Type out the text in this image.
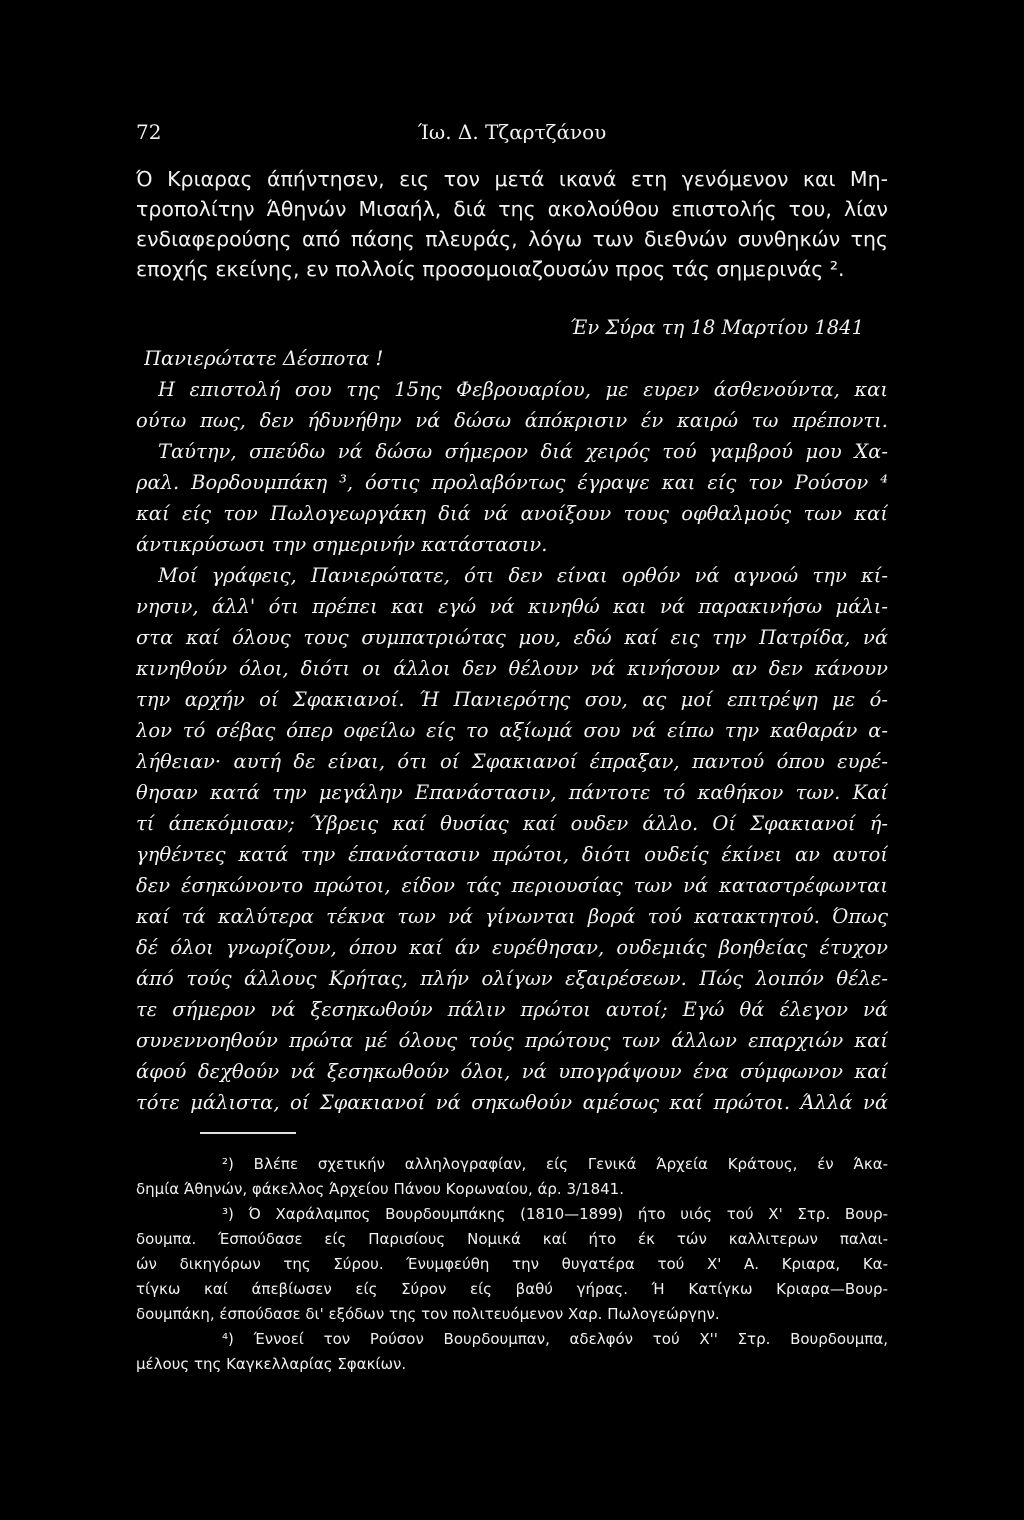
72	Ίω. Δ. Τζαρτζάνου
Ό Κριαρας άπήντησεν, εις τον μετά ικανά ετη γενόμενον και Μη-
τροπολίτην Άθηνών Μισαήλ, διά της ακολούθου επιστολής του, λίαν
ενδιαφερούσης από πάσης πλευράς, λόγω των διεθνών συνθηκών της
εποχής εκείνης, εν πολλοίς προσομοιαζουσών προς τάς σημερινάς ².
Έν Σύρα τη 18 Μαρτίου 1841
Πανιερώτατε Δέσποτα !
Η επιστολή σου της 15ης Φεβρουαρίου, με ευρεν άσθενούντα, και
ούτω πως, δεν ήδυνήθην νά δώσω άπόκρισιν έν καιρώ τω πρέποντι.
Ταύτην, σπεύδω νά δώσω σήμερον διά χειρός τού γαμβρού μου Χα-
ραλ. Βορδουμπάκη ³, όστις προλαβόντως έγραψε και είς τον Ρούσον ⁴
καί είς τον Πωλογεωργάκη διά νά ανοίξουν τους οφθαλμούς των καί
άντικρύσωσι την σημερινήν κατάστασιν.
Μοί γράφεις, Πανιερώτατε, ότι δεν είναι ορθόν νά αγνοώ την κί-
νησιν, άλλ' ότι πρέπει και εγώ νά κινηθώ και νά παρακινήσω μάλι-
στα καί όλους τους συμπατριώτας μου, εδώ καί εις την Πατρίδα, νά
κινηθούν όλοι, διότι οι άλλοι δεν θέλουν νά κινήσουν αν δεν κάνουν
την αρχήν οί Σφακιανοί. Ή Πανιερότης σου, ας μοί επιτρέψη με ό-
λον τό σέβας όπερ οφείλω είς το αξίωμά σου νά είπω την καθαράν α-
λήθειαν· αυτή δε είναι, ότι οί Σφακιανοί έπραξαν, παντού όπου ευρέ-
θησαν κατά την μεγάλην Επανάστασιν, πάντοτε τό καθήκον των. Καί
τί άπεκόμισαν; Ύβρεις καί θυσίας καί ουδεν άλλο. Οί Σφακιανοί ή-
γηθέντες κατά την έπανάστασιν πρώτοι, διότι ουδείς έκίνει αν αυτοί
δεν έσηκώνοντο πρώτοι, είδον τάς περιουσίας των νά καταστρέφωνται
καί τά καλύτερα τέκνα των νά γίνωνται βορά τού κατακτητού. Όπως
δέ όλοι γνωρίζουν, όπου καί άν ευρέθησαν, ουδεμιάς βοηθείας έτυχον
άπό τούς άλλους Κρήτας, πλήν ολίγων εξαιρέσεων. Πώς λοιπόν θέλε-
τε σήμερον νά ξεσηκωθούν πάλιν πρώτοι αυτοί; Εγώ θά έλεγον νά
συνεννοηθούν πρώτα μέ όλους τούς πρώτους των άλλων επαρχιών καί
άφού δεχθούν νά ξεσηκωθούν όλοι, νά υπογράψουν ένα σύμφωνον καί
τότε μάλιστα, οί Σφακιανοί νά σηκωθούν αμέσως καί πρώτοι. Άλλά νά
²) Βλέπε σχετικήν αλληλογραφίαν, είς Γενικά Άρχεία Κράτους, έν Άκα-
δημία Άθηνών, φάκελλος Άρχείου Πάνου Κορωναίου, άρ. 3/1841.
³) Ό Χαράλαμπος Βουρδουμπάκης (1810—1899) ήτο υιός τού Χ' Στρ. Βουρ-
δουμπα. Έσπούδασε είς Παρισίους Νομικά καί ήτο έκ τών καλλιτερων παλαι-
ών δικηγόρων της Σύρου. Ένυμφεύθη την θυγατέρα τού Χ' Α. Κριαρα, Κα-
τίγκω καί άπεβίωσεν είς Σύρον είς βαθύ γήρας. Ή Κατίγκω Κριαρα—Βουρ-
δουμπάκη, έσπούδασε δι' εξόδων της τον πολιτευόμενον Χαρ. Πωλογεώργην.
⁴) Έννοεί τον Ρούσον Βουρδουμπαν, αδελφόν τού Χ'' Στρ. Βουρδουμπα,
μέλους της Καγκελλαρίας Σφακίων.
